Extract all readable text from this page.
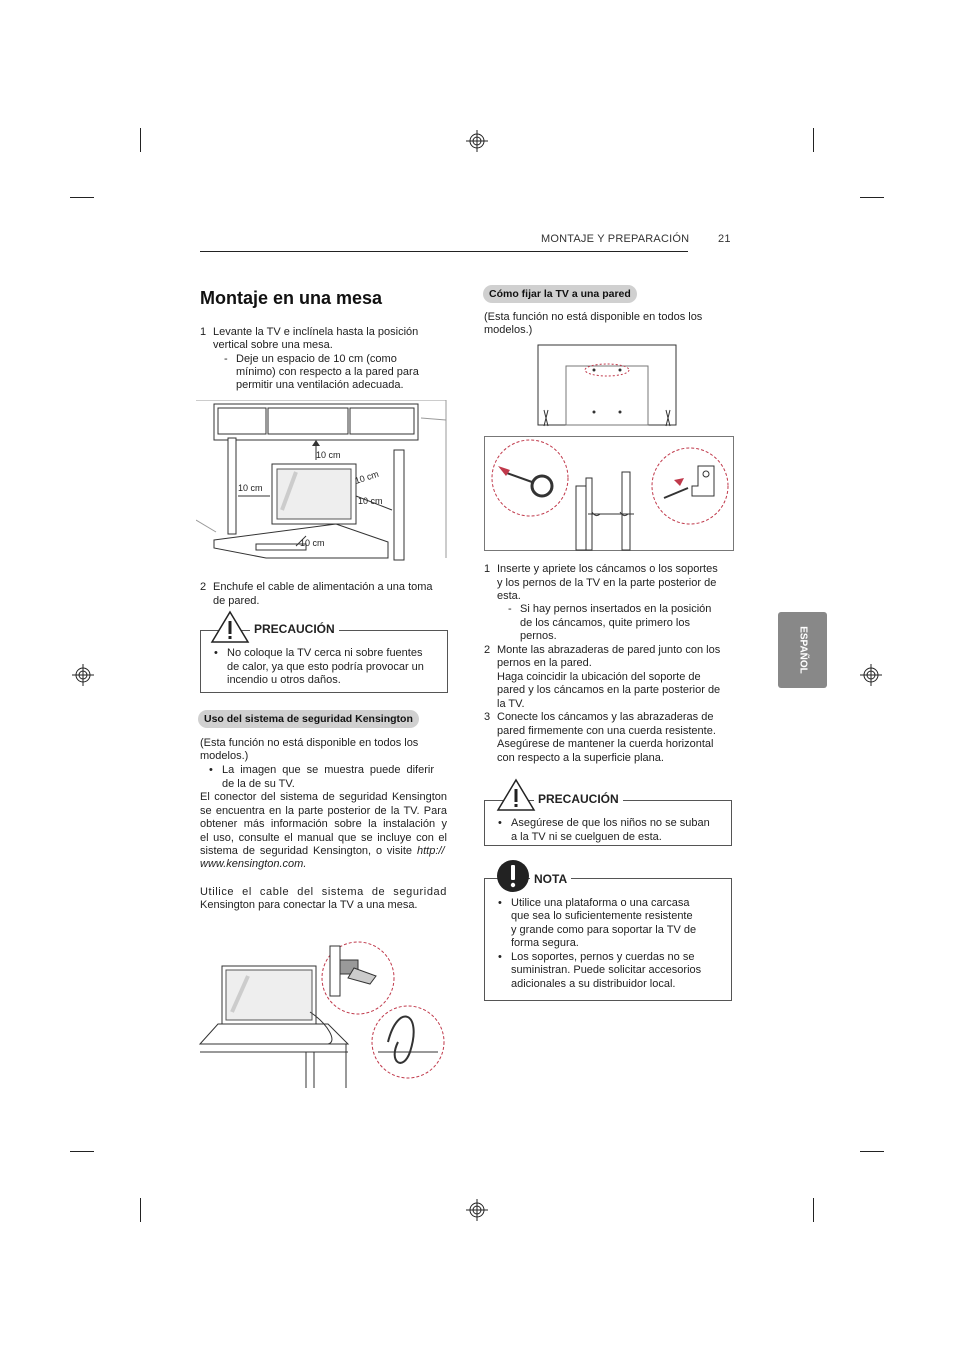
MONTAJE Y PREPARACIÓN	21
ESPAÑOL
Montaje en una mesa
1 Levante la TV e inclínela hasta la posición
vertical sobre una mesa.
- Deje un espacio de 10 cm (como
mínimo) con respecto a la pared para
permitir una ventilación adecuada.
10 cm
10 cm
10 cm
10 cm
10 cm
2 Enchufe el cable de alimentación a una toma
de pared.
PRECAUCIÓN
• No coloque la TV cerca ni sobre fuentes
de calor, ya que esto podría provocar un
incendio u otros daños.
Uso del sistema de seguridad Kensington
(Esta función no está disponible en todos los
modelos.)
• La imagen que se muestra puede diferir
de la de su TV.
El conector del sistema de seguridad Kensington
se encuentra en la parte posterior de la TV. Para
obtener más información sobre la instalación y
el uso, consulte el manual que se incluye con el
sistema de seguridad Kensington, o visite http://
www.kensington.com.
Utilice el cable del sistema de seguridad
Kensington para conectar la TV a una mesa.
Cómo fijar la TV a una pared
(Esta función no está disponible en todos los
modelos.)
1 Inserte y apriete los cáncamos o los soportes
y los pernos de la TV en la parte posterior de
esta.
- Si hay pernos insertados en la posición
de los cáncamos, quite primero los
pernos.
2 Monte las abrazaderas de pared junto con los
pernos en la pared.
Haga coincidir la ubicación del soporte de
pared y los cáncamos en la parte posterior de
la TV.
3 Conecte los cáncamos y las abrazaderas de
pared firmemente con una cuerda resistente.
Asegúrese de mantener la cuerda horizontal
con respecto a la superficie plana.
PRECAUCIÓN
• Asegúrese de que los niños no se suban
a la TV ni se cuelguen de esta.
NOTA
• Utilice una plataforma o una carcasa
que sea lo suficientemente resistente
y grande como para soportar la TV de
forma segura.
• Los soportes, pernos y cuerdas no se
suministran. Puede solicitar accesorios
adicionales a su distribuidor local.
